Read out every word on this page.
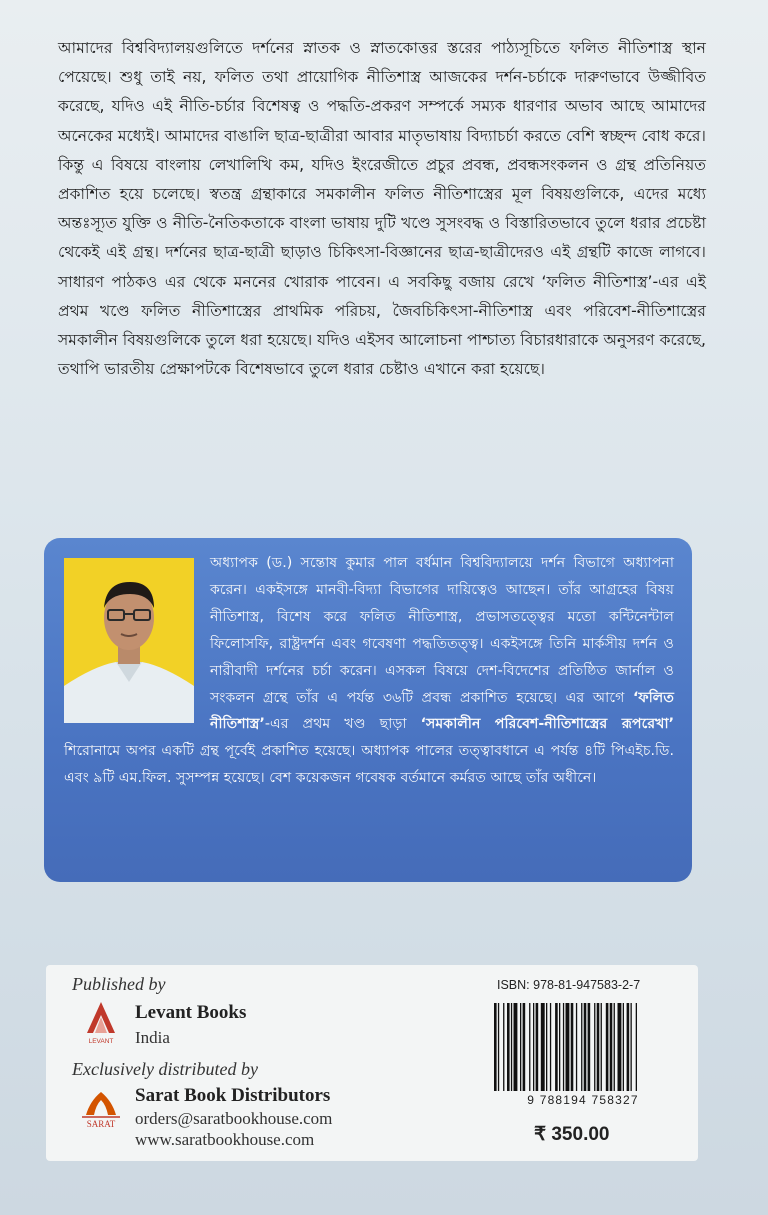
আমাদের বিশ্ববিদ্যালয়গুলিতে দর্শনের স্নাতক ও স্নাতকোত্তর স্তরের পাঠ্যসূচিতে ফলিত নীতিশাস্ত্র স্থান পেয়েছে। শুধু তাই নয়, ফলিত তথা প্রায়োগিক নীতিশাস্ত্র আজকের দর্শন-চর্চাকে দারুণভাবে উজ্জীবিত করেছে, যদিও এই নীতি-চর্চার বিশেষত্ব ও পদ্ধতি-প্রকরণ সম্পর্কে সম্যক ধারণার অভাব আছে আমাদের অনেকের মধ্যেই। আমাদের বাঙালি ছাত্র-ছাত্রীরা আবার মাতৃভাষায় বিদ্যাচর্চা করতে বেশি স্বচ্ছন্দ বোধ করে। কিন্তু এ বিষয়ে বাংলায় লেখালিখি কম, যদিও ইংরেজীতে প্রচুর প্রবন্ধ, প্রবন্ধসংকলন ও গ্রন্থ প্রতিনিয়ত প্রকাশিত হয়ে চলেছে। স্বতন্ত্র গ্রন্থাকারে সমকালীন ফলিত নীতিশাস্ত্রের মূল বিষয়গুলিকে, এদের মধ্যে অন্তঃস্যূত যুক্তি ও নীতি-নৈতিকতাকে বাংলা ভাষায় দুটি খণ্ডে সুসংবদ্ধ ও বিস্তারিতভাবে তুলে ধরার প্রচেষ্টা থেকেই এই গ্রন্থ। দর্শনের ছাত্র-ছাত্রী ছাড়াও চিকিৎসা-বিজ্ঞানের ছাত্র-ছাত্রীদেরও এই গ্রন্থটি কাজে লাগবে। সাধারণ পাঠকও এর থেকে মননের খোরাক পাবেন। এ সবকিছু বজায় রেখে ‘ফলিত নীতিশাস্ত্র’-এর এই প্রথম খণ্ডে ফলিত নীতিশাস্ত্রের প্রাথমিক পরিচয়, জৈবচিকিৎসা-নীতিশাস্ত্র এবং পরিবেশ-নীতিশাস্ত্রের সমকালীন বিষয়গুলিকে তুলে ধরা হয়েছে। যদিও এইসব আলোচনা পাশ্চাত্য বিচারধারাকে অনুসরণ করেছে, তথাপি ভারতীয় প্রেক্ষাপটকে বিশেষভাবে তুলে ধরার চেষ্টাও এখানে করা হয়েছে।

অধ্যাপক (ড.) সন্তোষ কুমার পাল বর্ধমান বিশ্ববিদ্যালয়ে দর্শন বিভাগে অধ্যাপনা করেন। একইসঙ্গে মানবী-বিদ্যা বিভাগের দায়িত্বেও আছেন। তাঁর আগ্রহের বিষয় নীতিশাস্ত্র, বিশেষ করে ফলিত নীতিশাস্ত্র, প্রভাসতত্ত্বের মতো কন্টিনেন্টাল ফিলোসফি, রাষ্ট্রদর্শন এবং গবেষণা পদ্ধতিতত্ত্ব। একইসঙ্গে তিনি মার্কসীয় দর্শন ও নারীবাদী দর্শনের চর্চা করেন। এসকল বিষয়ে দেশ-বিদেশের প্রতিষ্ঠিত জার্নাল ও সংকলন গ্রন্থে তাঁর এ পর্যন্ত ৩৬টি প্রবন্ধ প্রকাশিত হয়েছে। এর আগে ‘ফলিত নীতিশাস্ত্র’-এর প্রথম খণ্ড ছাড়া ‘সমকালীন পরিবেশ-নীতিশাস্ত্রের রূপরেখা’ শিরোনামে অপর একটি গ্রন্থ পূর্বেই প্রকাশিত হয়েছে। অধ্যাপক পালের তত্ত্বাবধানে এ পর্যন্ত ৪টি পিএইচ.ডি. এবং ৯টি এম.ফিল. সুসম্পন্ন হয়েছে। বেশ কয়েকজন গবেষক বর্তমানে কর্মরত আছে তাঁর অধীনে।

Published by
LEVANT
Levant Books
India
Exclusively distributed by
SARAT
Sarat Book Distributors
orders@saratbookhouse.com
www.saratbookhouse.com
ISBN: 978-81-947583-2-7
9 788194 758327
₹ 350.00
